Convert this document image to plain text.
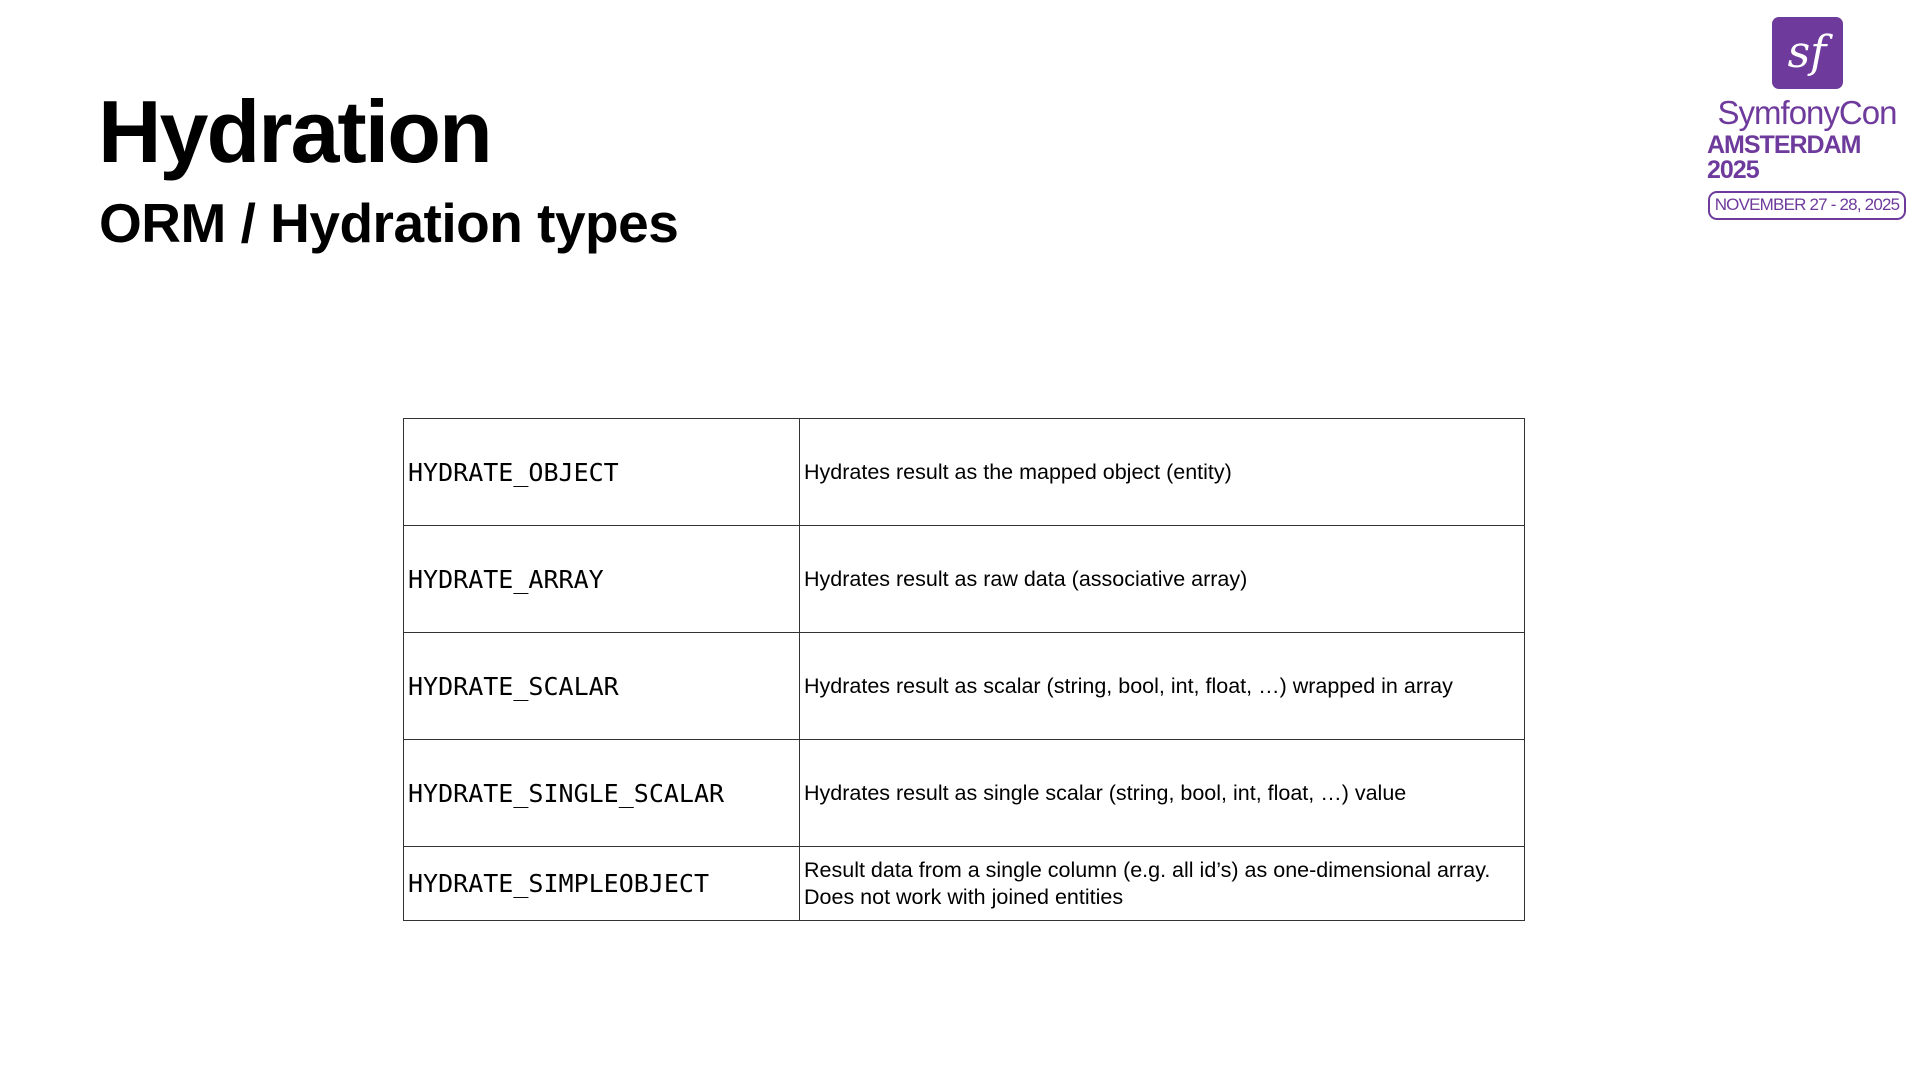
Hydration
ORM / Hydration types
sf
SymfonyCon
AMSTERDAM 2025
NOVEMBER 27 - 28, 2025
HYDRATE_OBJECT	Hydrates result as the mapped object (entity)

HYDRATE_ARRAY	Hydrates result as raw data (associative array)

HYDRATE_SCALAR	Hydrates result as scalar (string, bool, int, float, …) wrapped in array

HYDRATE_SINGLE_SCALAR	Hydrates result as single scalar (string, bool, int, float, …) value

HYDRATE_SIMPLEOBJECT	Result data from a single column (e.g. all id’s) as one-dimensional array.
Does not work with joined entities
